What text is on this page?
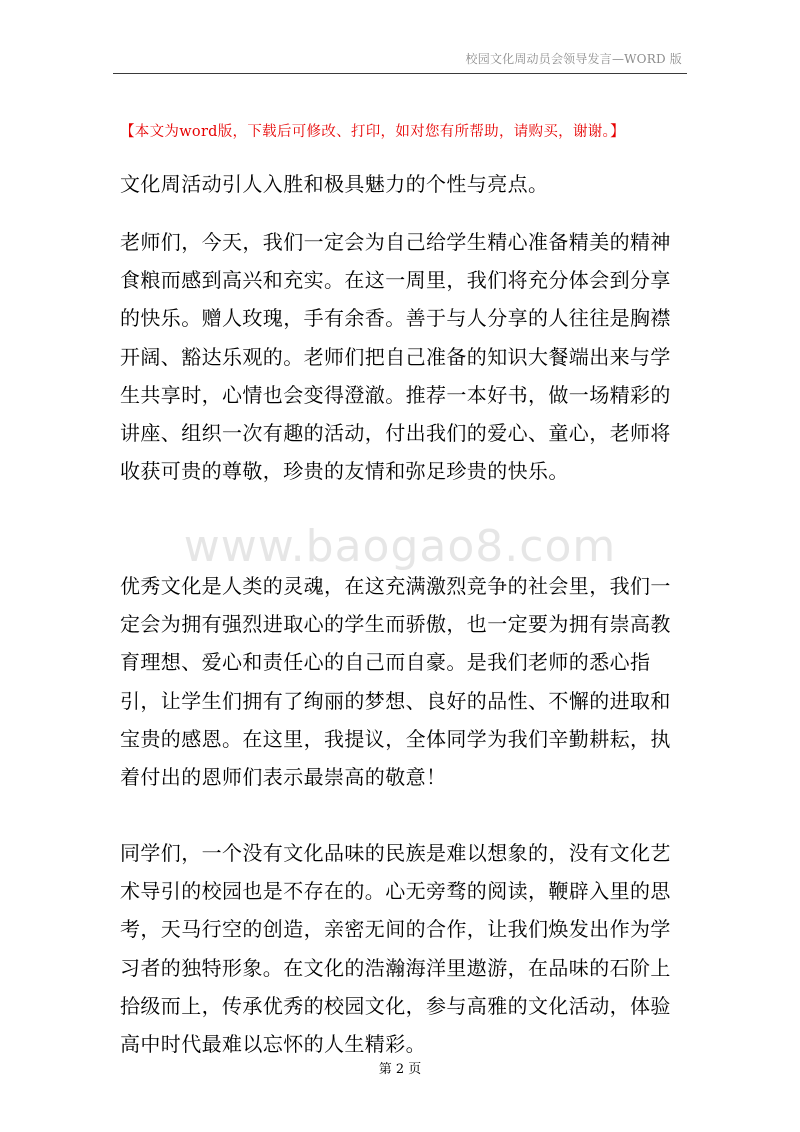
校园文化周动员会领导发言—WORD 版
【本文为word版，下载后可修改、打印，如对您有所帮助，请购买，谢谢。】
文化周活动引人入胜和极具魅力的个性与亮点。
老师们，今天，我们一定会为自己给学生精心准备精美的精神食粮而感到高兴和充实。在这一周里，我们将充分体会到分享的快乐。赠人玫瑰，手有余香。善于与人分享的人往往是胸襟开阔、豁达乐观的。老师们把自己准备的知识大餐端出来与学生共享时，心情也会变得澄澈。推荐一本好书，做一场精彩的讲座、组织一次有趣的活动，付出我们的爱心、童心，老师将收获可贵的尊敬，珍贵的友情和弥足珍贵的快乐。
www.baogao8.com
优秀文化是人类的灵魂，在这充满激烈竞争的社会里，我们一定会为拥有强烈进取心的学生而骄傲，也一定要为拥有崇高教育理想、爱心和责任心的自己而自豪。是我们老师的悉心指引，让学生们拥有了绚丽的梦想、良好的品性、不懈的进取和宝贵的感恩。在这里，我提议，全体同学为我们辛勤耕耘，执着付出的恩师们表示最崇高的敬意！
同学们，一个没有文化品味的民族是难以想象的，没有文化艺术导引的校园也是不存在的。心无旁骛的阅读，鞭辟入里的思考，天马行空的创造，亲密无间的合作，让我们焕发出作为学习者的独特形象。在文化的浩瀚海洋里遨游，在品味的石阶上拾级而上，传承优秀的校园文化，参与高雅的文化活动，体验高中时代最难以忘怀的人生精彩。
第 2 页
